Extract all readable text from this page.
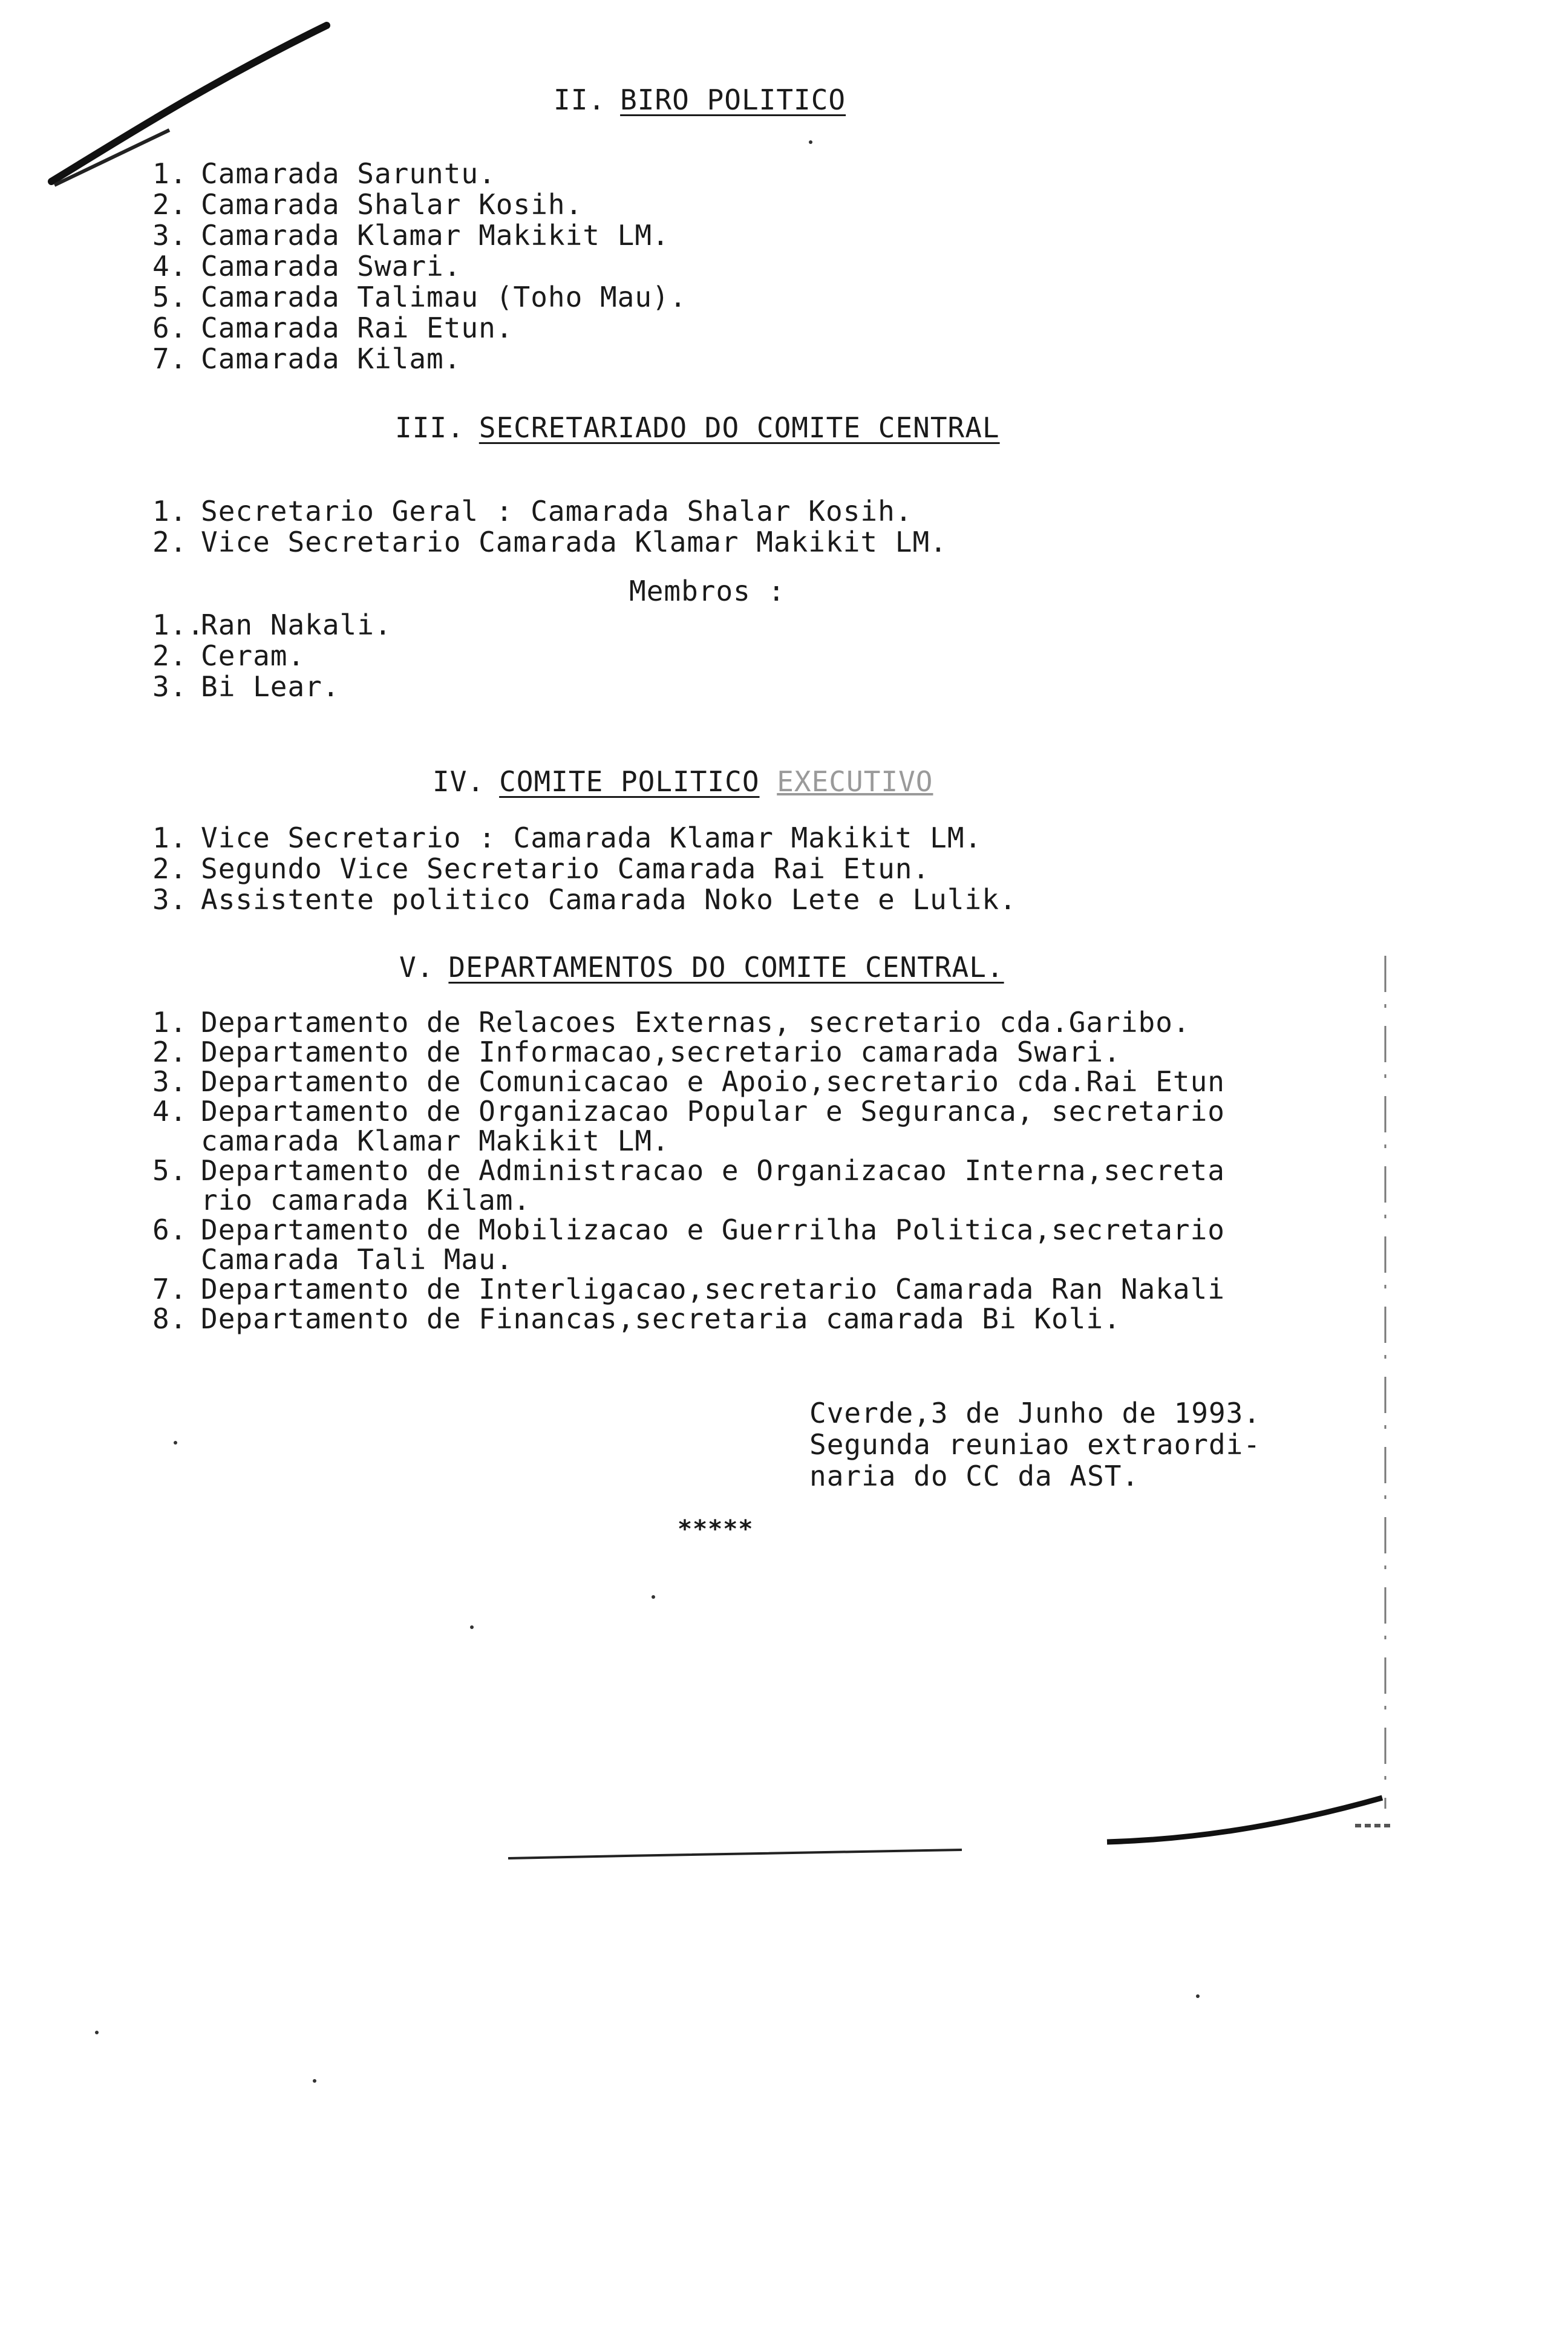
II. BIRO POLITICO
1. Camarada Saruntu.
2. Camarada Shalar Kosih.
3. Camarada Klamar Makikit LM.
4. Camarada Swari.
5. Camarada Talimau (Toho Mau).
6. Camarada Rai Etun.
7. Camarada Kilam.
III. SECRETARIADO DO COMITE CENTRAL
1. Secretario Geral : Camarada Shalar Kosih.
2. Vice Secretario Camarada Klamar Makikit LM.
Membros :
1..
Ran Nakali.
2. Ceram.
3. Bi Lear.
IV. COMITE POLITICO EXECUTIVO
1. Vice Secretario : Camarada Klamar Makikit LM.
2. Segundo Vice Secretario Camarada Rai Etun.
3. Assistente politico Camarada Noko Lete e Lulik.
V. DEPARTAMENTOS DO COMITE CENTRAL.
1. Departamento de Relacoes Externas, secretario cda.Garibo.
2. Departamento de Informacao,secretario camarada Swari.
3. Departamento de Comunicacao e Apoio,secretario cda.Rai Etun
4. Departamento de Organizacao Popular e Seguranca, secretario
camarada Klamar Makikit LM.
5. Departamento de Administracao e Organizacao Interna,secreta
rio camarada Kilam.
6. Departamento de Mobilizacao e Guerrilha Politica,secretario
Camarada Tali Mau.
7. Departamento de Interligacao,secretario Camarada Ran Nakali
8. Departamento de Financas,secretaria camarada Bi Koli.
Cverde,3 de Junho de 1993.
Segunda reuniao extraordi-
naria do CC da AST.
*****
